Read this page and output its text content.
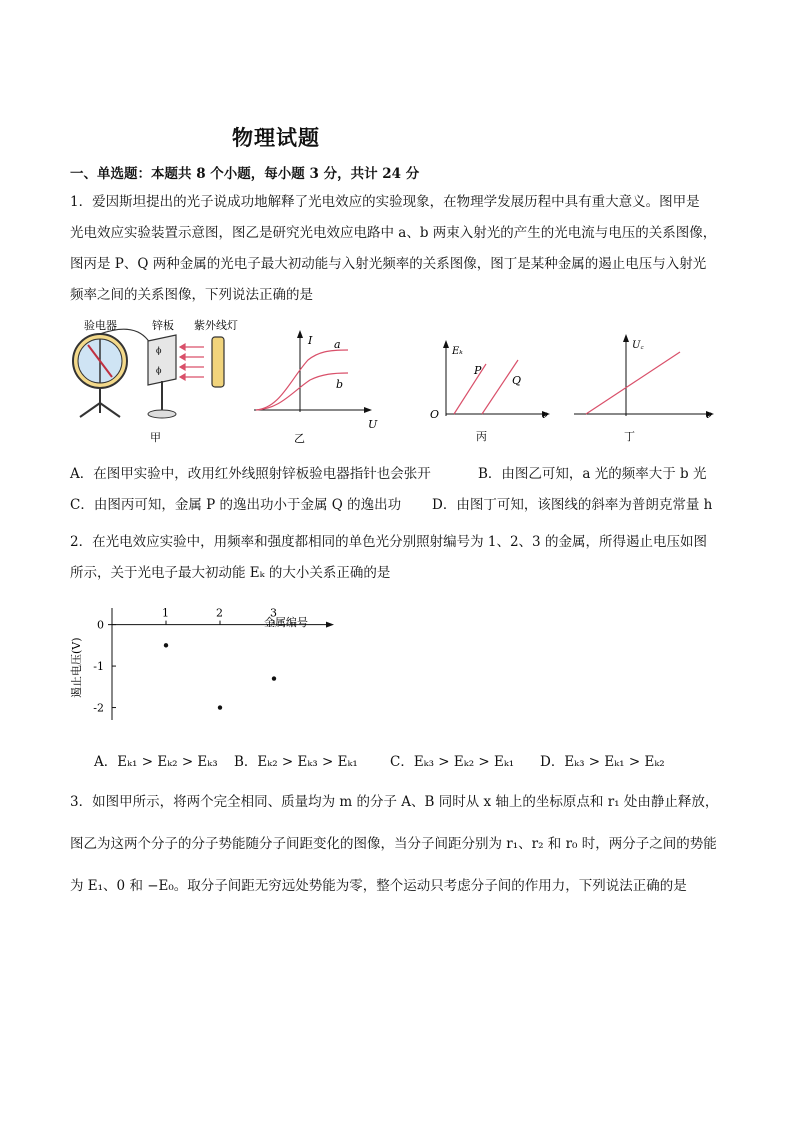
物理试题
一、单选题：本题共 8 个小题，每小题 3 分，共计 24 分
1．爱因斯坦提出的光子说成功地解释了光电效应的实验现象，在物理学发展历程中具有重大意义。图甲是
光电效应实验装置示意图，图乙是研究光电效应电路中 a、b 两束入射光的产生的光电流与电压的关系图像，
图丙是 P、Q 两种金属的光电子最大初动能与入射光频率的关系图像，图丁是某种金属的遏止电压与入射光
频率之间的关系图像，下列说法正确的是
验电器	锌板 紫外线灯
ϕ
ϕ
甲
I
U
a
b
乙
Eₖ
ν
O
P
Q
丙
U꜀
ν
丁
A．在图甲实验中，改用红外线照射锌板验电器指针也会张开	B．由图乙可知，a 光的频率大于 b 光
C．由图丙可知，金属 P 的逸出功小于金属 Q 的逸出功 D．由图丁可知，该图线的斜率为普朗克常量 h
2．在光电效应实验中，用频率和强度都相同的单色光分别照射编号为 1、2、3 的金属，所得遏止电压如图
所示，关于光电子最大初动能 Eₖ 的大小关系正确的是
1	2	3
0
-1
-2
遏止电压(V)
金属编号
A．Eₖ₁ > Eₖ₂ > Eₖ₃ B．Eₖ₂ > Eₖ₃ > Eₖ₁ C．Eₖ₃ > Eₖ₂ > Eₖ₁ D．Eₖ₃ > Eₖ₁ > Eₖ₂
3．如图甲所示，将两个完全相同、质量均为 m 的分子 A、B 同时从 x 轴上的坐标原点和 r₁ 处由静止释放，
图乙为这两个分子的分子势能随分子间距变化的图像，当分子间距分别为 r₁、r₂ 和 r₀ 时，两分子之间的势能
为 E₁、0 和 −E₀。取分子间距无穷远处势能为零，整个运动只考虑分子间的作用力，下列说法正确的是
